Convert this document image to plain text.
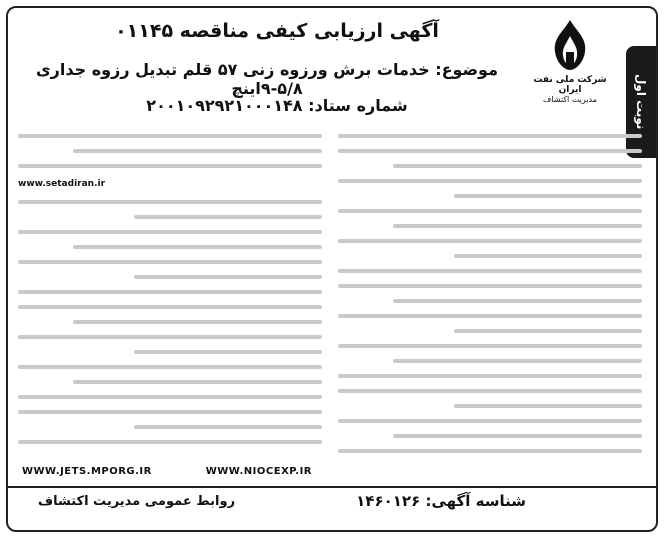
نوبت اول
شرکت ملی نفت ایران
مدیریت اکتشاف
آگهی ارزیابی کیفی مناقصه ۰۱۱۴۵
موضوع: خدمات برش ورزوه زنی ۵۷ قلم تبدیل رزوه جداری ۵/۸-۹اینچ
شماره ستاد: ۲۰۰۱۰۹۲۹۲۱۰۰۰۱۴۸
www.setadiran.ir
WWW.JETS.MPORG.IR	WWW.NIOCEXP.IR
روابط عمومی مدیریت اکتشاف	شناسه آگهی: ۱۴۶۰۱۲۶
